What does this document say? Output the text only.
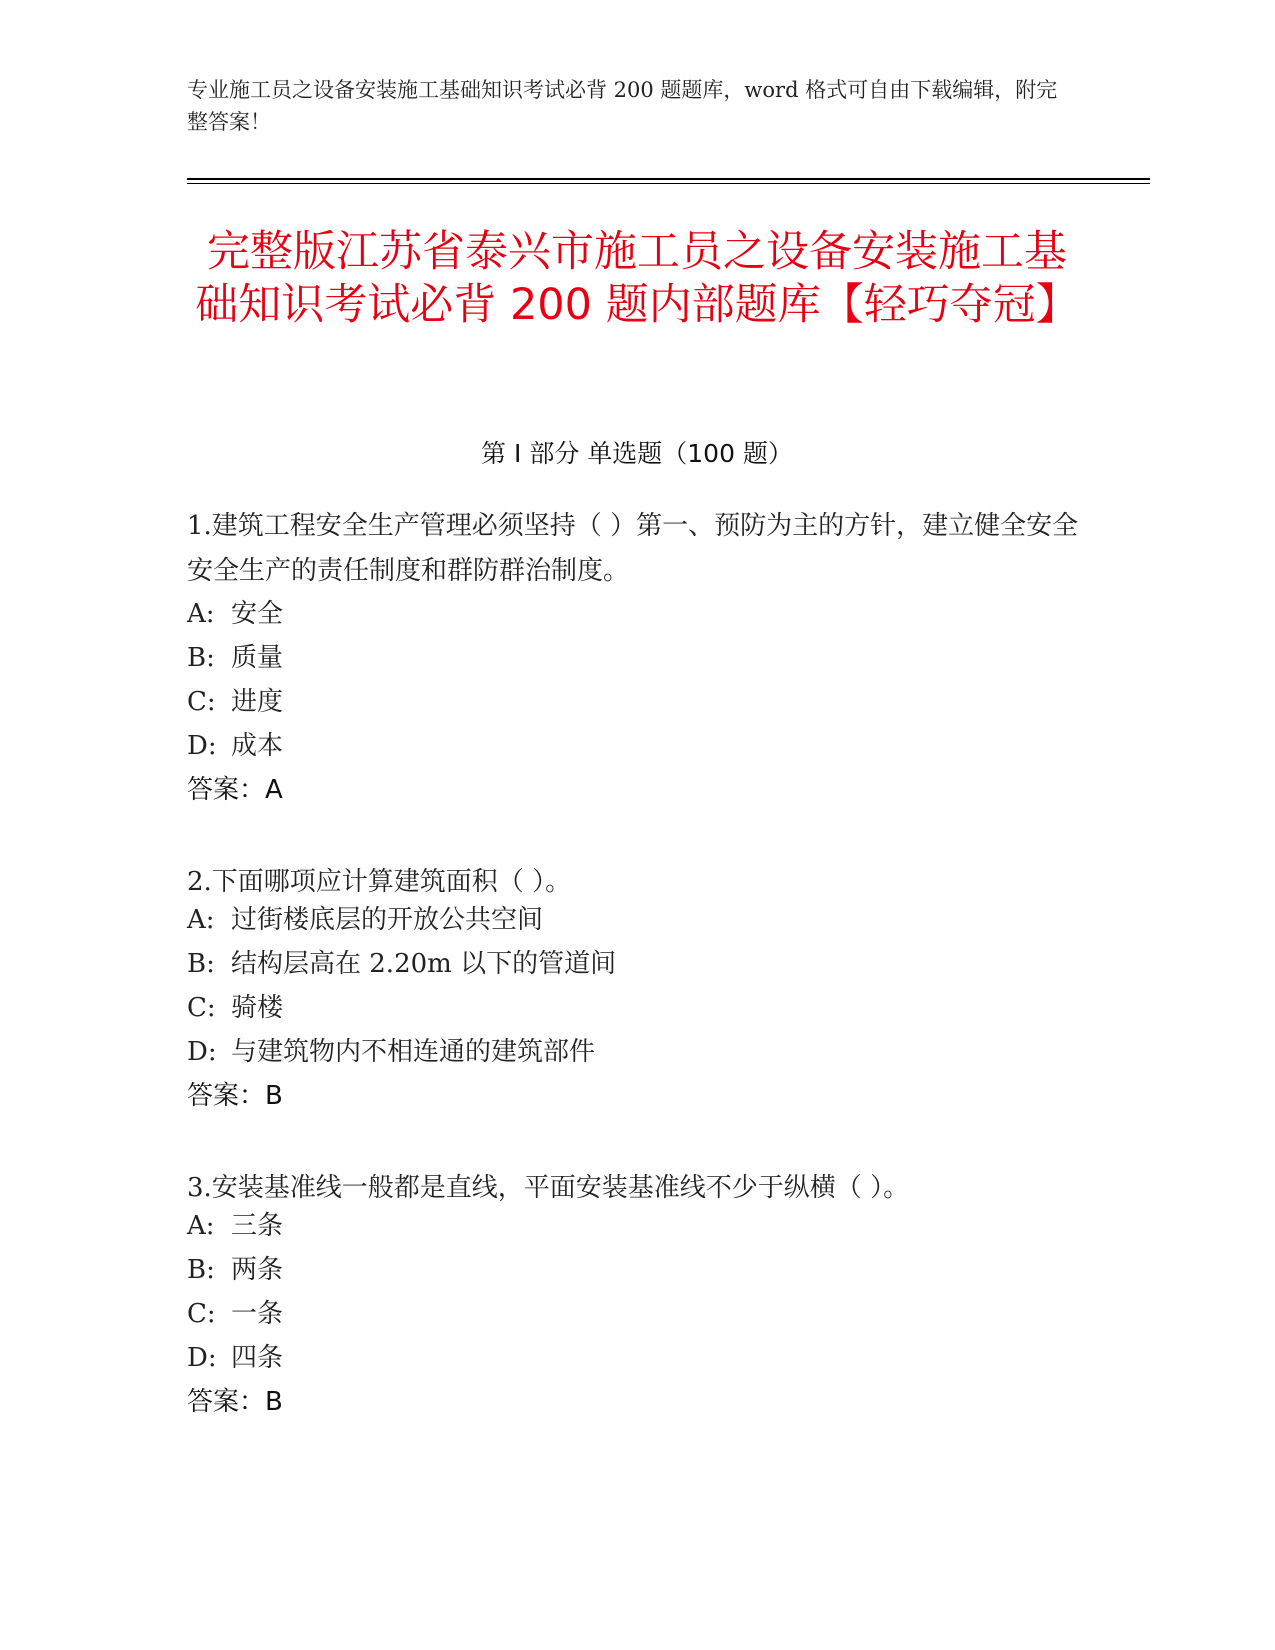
专业施工员之设备安装施工基础知识考试必背 200 题题库，word 格式可自由下载编辑，附完整答案！
完整版江苏省泰兴市施工员之设备安装施工基础知识考试必背 200 题内部题库【轻巧夺冠】
第 I 部分 单选题（100 题）
1.建筑工程安全生产管理必须坚持（ ）第一、预防为主的方针，建立健全安全安全生产的责任制度和群防群治制度。
A: 安全
B: 质量
C: 进度
D: 成本
答案：A
2.下面哪项应计算建筑面积（ ）。
A: 过街楼底层的开放公共空间
B: 结构层高在 2.20m 以下的管道间
C: 骑楼
D: 与建筑物内不相连通的建筑部件
答案：B
3.安装基准线一般都是直线，平面安装基准线不少于纵横（ ）。
A: 三条
B: 两条
C: 一条
D: 四条
答案：B
